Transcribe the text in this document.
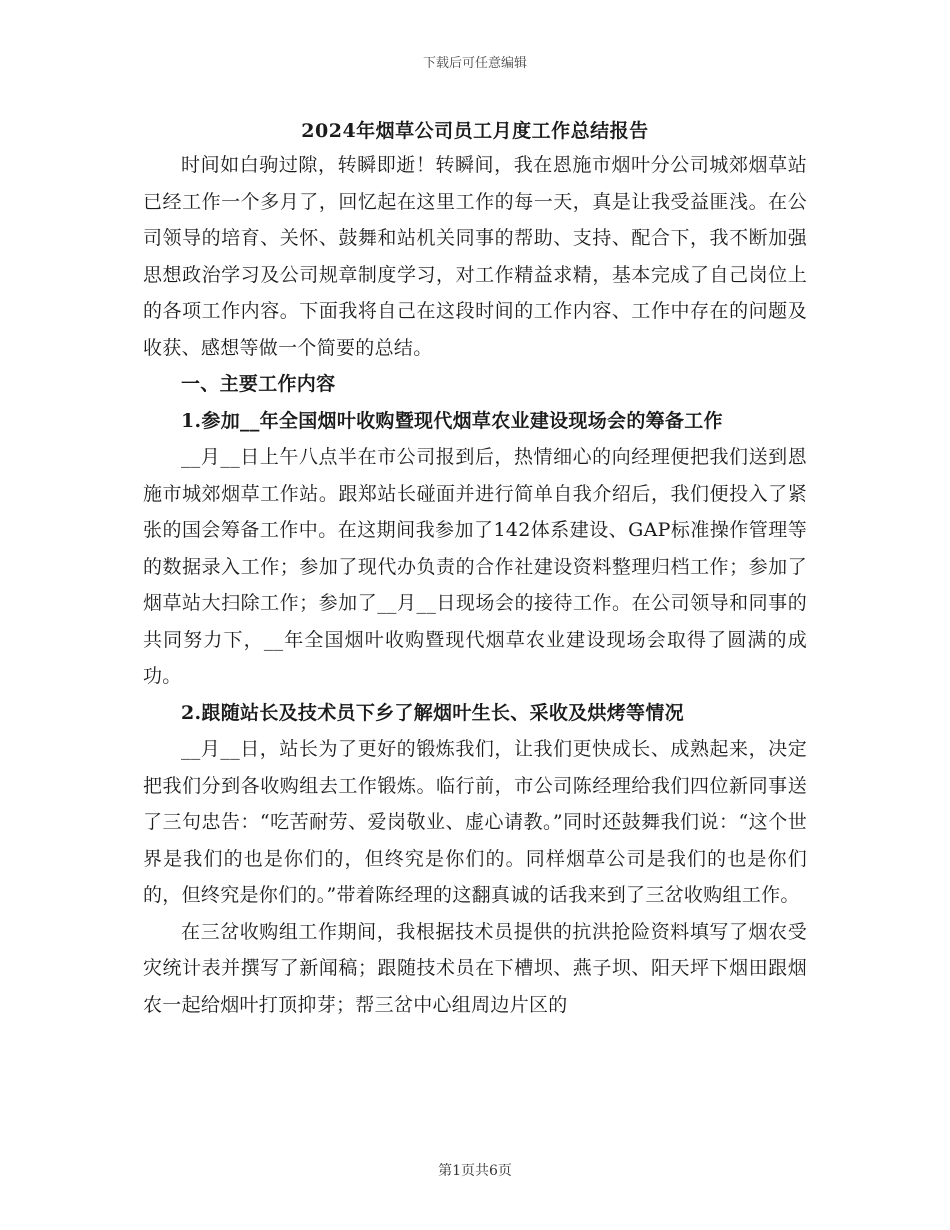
下载后可任意编辑
2024年烟草公司员工月度工作总结报告

时间如白驹过隙，转瞬即逝！转瞬间，我在恩施市烟叶分公司城郊烟草站已经工作一个多月了，回忆起在这里工作的每一天，真是让我受益匪浅。在公司领导的培育、关怀、鼓舞和站机关同事的帮助、支持、配合下，我不断加强思想政治学习及公司规章制度学习，对工作精益求精，基本完成了自己岗位上的各项工作内容。下面我将自己在这段时间的工作内容、工作中存在的问题及收获、感想等做一个简要的总结。

一、主要工作内容

1.参加__年全国烟叶收购暨现代烟草农业建设现场会的筹备工作

__月__日上午八点半在市公司报到后，热情细心的向经理便把我们送到恩施市城郊烟草工作站。跟郑站长碰面并进行简单自我介绍后，我们便投入了紧张的国会筹备工作中。在这期间我参加了142体系建设、GAP标准操作管理等的数据录入工作；参加了现代办负责的合作社建设资料整理归档工作；参加了烟草站大扫除工作；参加了__月__日现场会的接待工作。在公司领导和同事的共同努力下，__年全国烟叶收购暨现代烟草农业建设现场会取得了圆满的成功。

2.跟随站长及技术员下乡了解烟叶生长、采收及烘烤等情况

__月__日，站长为了更好的锻炼我们，让我们更快成长、成熟起来，决定把我们分到各收购组去工作锻炼。临行前，市公司陈经理给我们四位新同事送了三句忠告：“吃苦耐劳、爱岗敬业、虚心请教。”同时还鼓舞我们说：“这个世界是我们的也是你们的，但终究是你们的。同样烟草公司是我们的也是你们的，但终究是你们的。”带着陈经理的这翻真诚的话我来到了三岔收购组工作。

在三岔收购组工作期间，我根据技术员提供的抗洪抢险资料填写了烟农受灾统计表并撰写了新闻稿；跟随技术员在下槽坝、燕子坝、阳天坪下烟田跟烟农一起给烟叶打顶抑芽；帮三岔中心组周边片区的

第1页共6页
